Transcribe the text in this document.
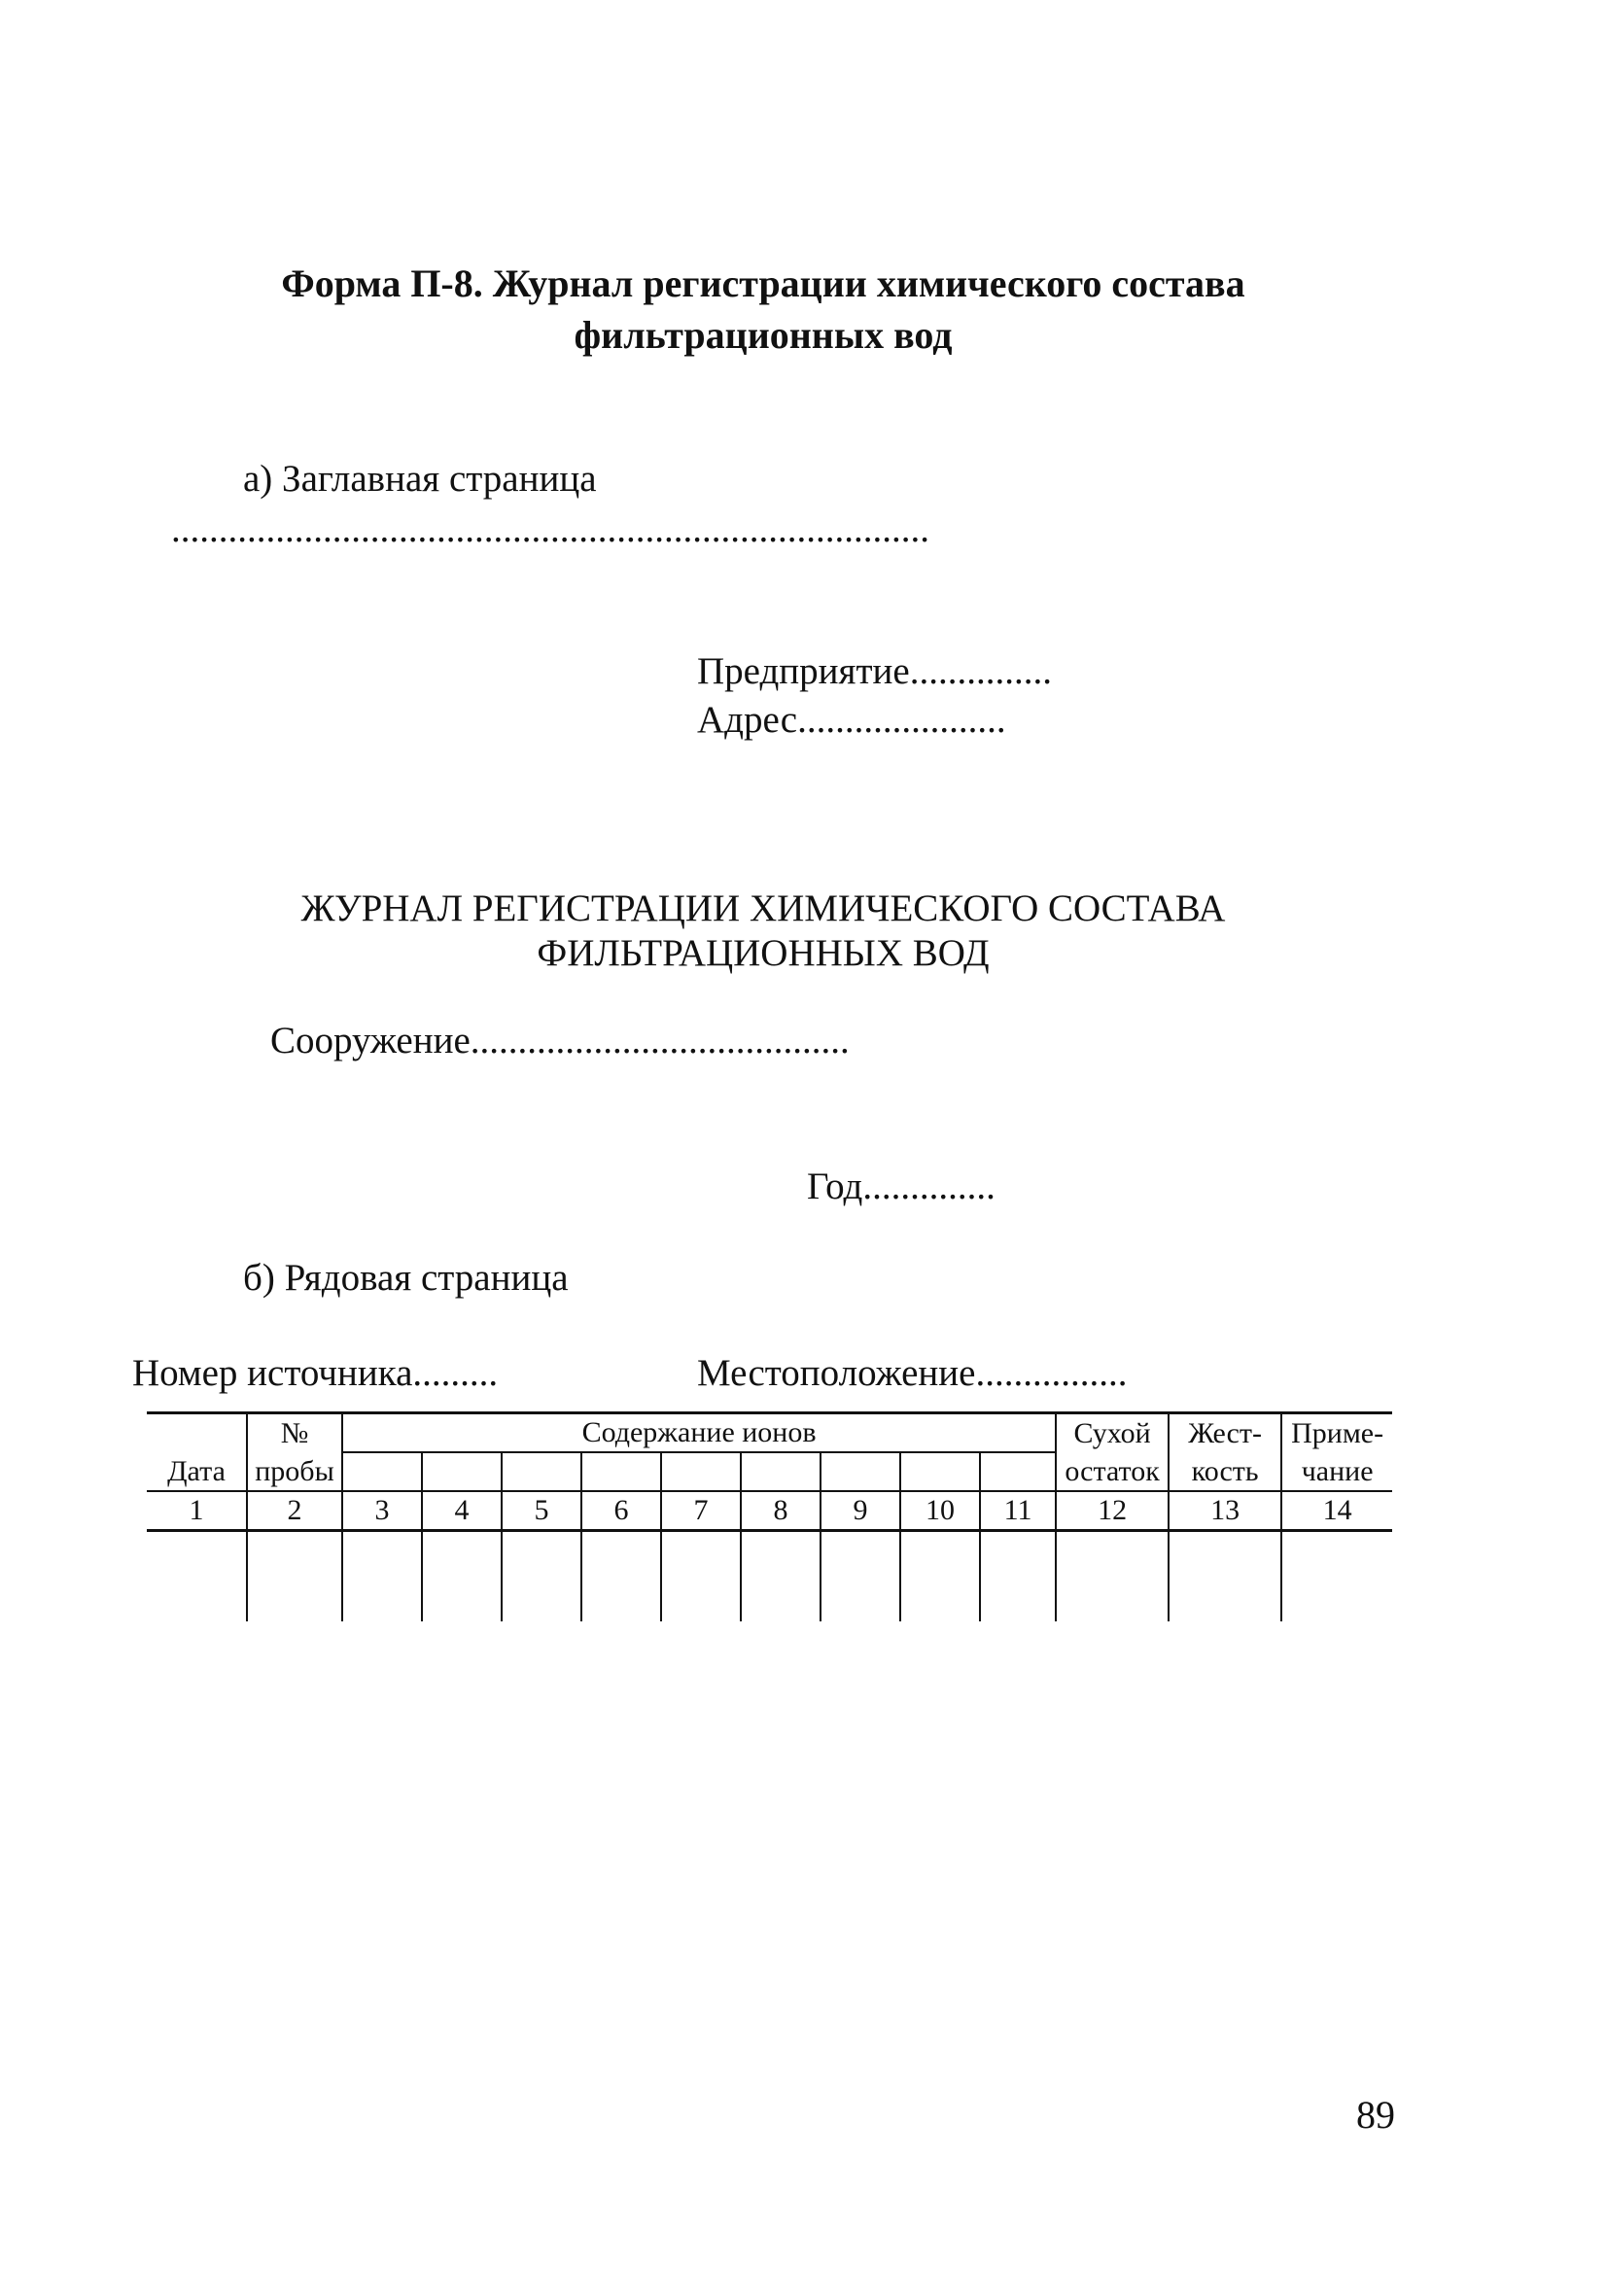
Форма П-8. Журнал регистрации химического состава
фильтрационных вод
а) Заглавная страница
................................................................................
Предприятие...............
Адрес......................
ЖУРНАЛ РЕГИСТРАЦИИ ХИМИЧЕСКОГО СОСТАВА
ФИЛЬТРАЦИОННЫХ ВОД
Сооружение........................................
Год..............
б) Рядовая страница
Номер источника.........	Местоположение................
	№	Содержание ионов									Сухой	Жест-	Приме-
Дата	пробы										остаток	кость	чание
1	2	3	4	5	6	7	8	9	10	11	12	13	14

89
